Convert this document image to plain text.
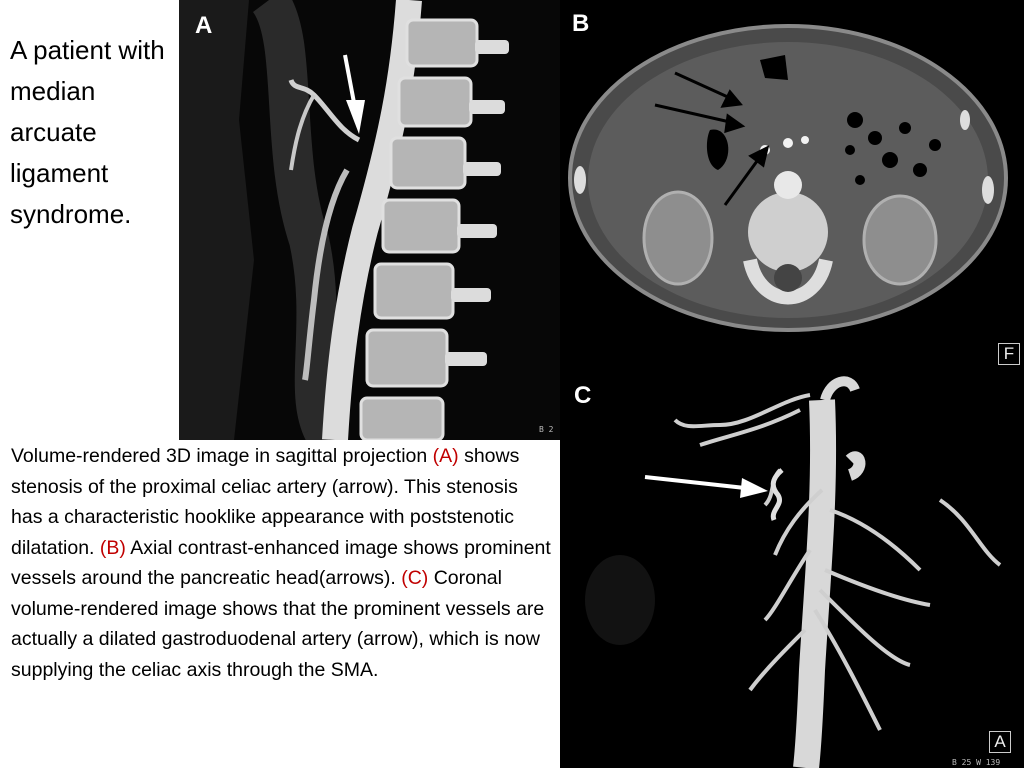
A patient with median arcuate ligament syndrome.
Volume-rendered 3D image in sagittal projection (A) shows stenosis of the proximal celiac artery (arrow). This stenosis has a characteristic hooklike appearance with poststenotic dilatation. (B) Axial contrast-enhanced image shows prominent vessels around the pancreatic head(arrows). (C) Coronal volume-rendered image shows that the prominent vessels are actually a dilated gastroduodenal artery (arrow), which is now supplying the celiac axis through the SMA.
A
B 2
B
F
C
A
B 25 W 139
